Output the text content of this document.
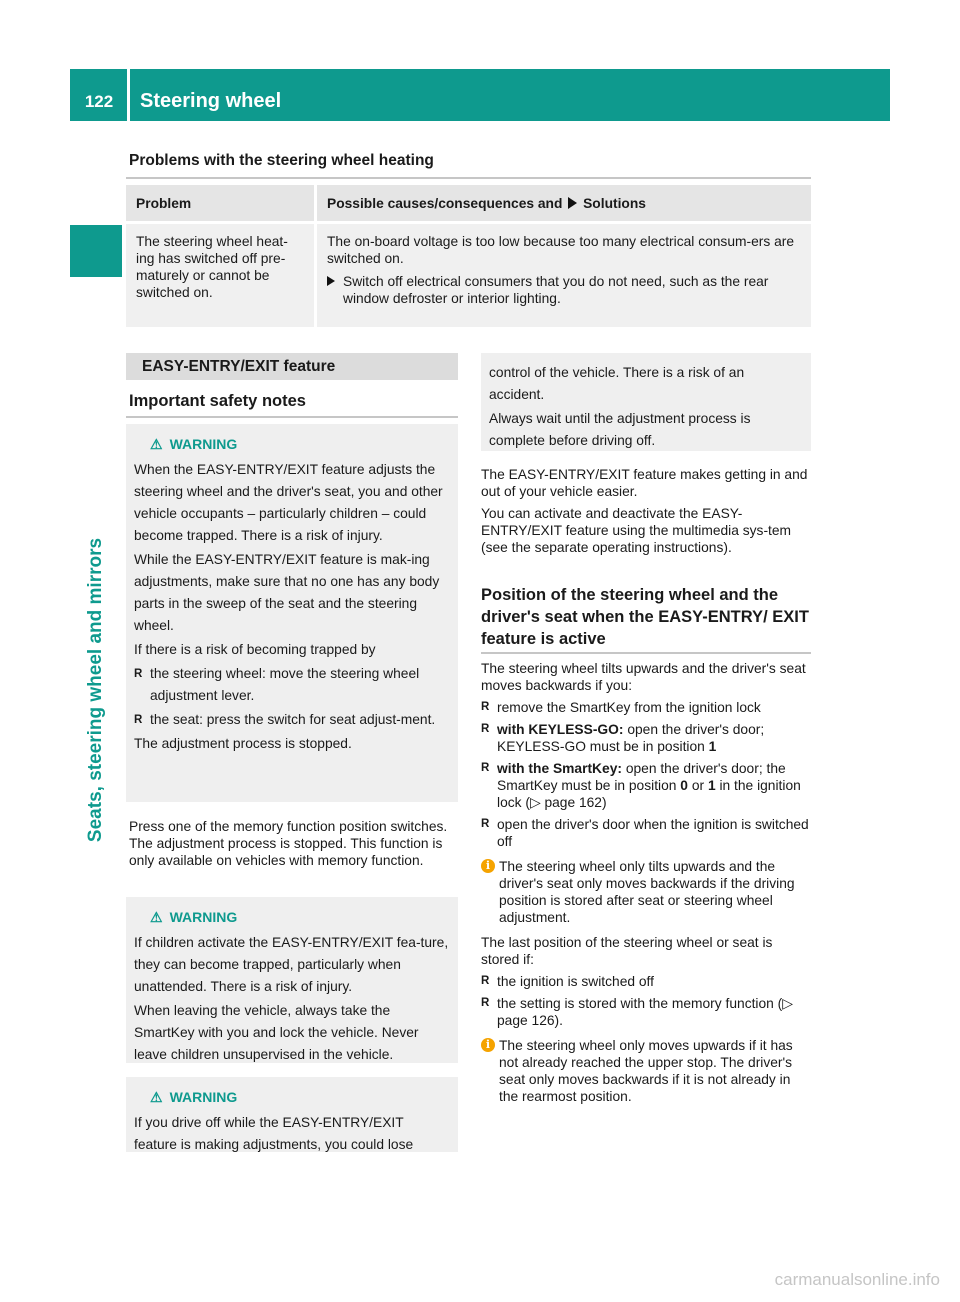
122	Steering wheel
Seats, steering wheel and mirrors
Problems with the steering wheel heating
Problem	Possible causes/consequences and Solutions
The steering wheel heat-ing has switched off pre-maturely or cannot be switched on.	The on-board voltage is too low because too many electrical consum-ers are switched on.
Switch off electrical consumers that you do not need, such as the rear window defroster or interior lighting.
EASY-ENTRY/EXIT feature
Important safety notes
⚠ WARNING

When the EASY-ENTRY/EXIT feature adjusts the steering wheel and the driver's seat, you and other vehicle occupants – particularly children – could become trapped. There is a risk of injury.

While the EASY-ENTRY/EXIT feature is mak-ing adjustments, make sure that no one has any body parts in the sweep of the seat and the steering wheel.

If there is a risk of becoming trapped by

R the steering wheel: move the steering wheel adjustment lever.
R the seat: press the switch for seat adjust-ment.

The adjustment process is stopped.

Press one of the memory function position switches. The adjustment process is stopped. This function is only available on vehicles with memory function.
⚠ WARNING

If children activate the EASY-ENTRY/EXIT fea-ture, they can become trapped, particularly when unattended. There is a risk of injury.

When leaving the vehicle, always take the SmartKey with you and lock the vehicle. Never leave children unsupervised in the vehicle.

⚠ WARNING

If you drive off while the EASY-ENTRY/EXIT feature is making adjustments, you could lose

control of the vehicle. There is a risk of an accident.

Always wait until the adjustment process is complete before driving off.

The EASY-ENTRY/EXIT feature makes getting in and out of your vehicle easier.

You can activate and deactivate the EASY-ENTRY/EXIT feature using the multimedia sys-tem (see the separate operating instructions).

Position of the steering wheel and the driver's seat when the EASY-ENTRY/ EXIT feature is active

The steering wheel tilts upwards and the driver's seat moves backwards if you:

R remove the SmartKey from the ignition lock
R with KEYLESS-GO: open the driver's door; KEYLESS-GO must be in position 1
R with the SmartKey: open the driver's door; the SmartKey must be in position 0 or 1 in the ignition lock (▷ page 162)
R open the driver's door when the ignition is switched off
i The steering wheel only tilts upwards and the driver's seat only moves backwards if the driving position is stored after seat or steering wheel adjustment.

The last position of the steering wheel or seat is stored if:

R the ignition is switched off
R the setting is stored with the memory function (▷ page 126).
i The steering wheel only moves upwards if it has not already reached the upper stop. The driver's seat only moves backwards if it is not already in the rearmost position.
carmanualsonline.info
